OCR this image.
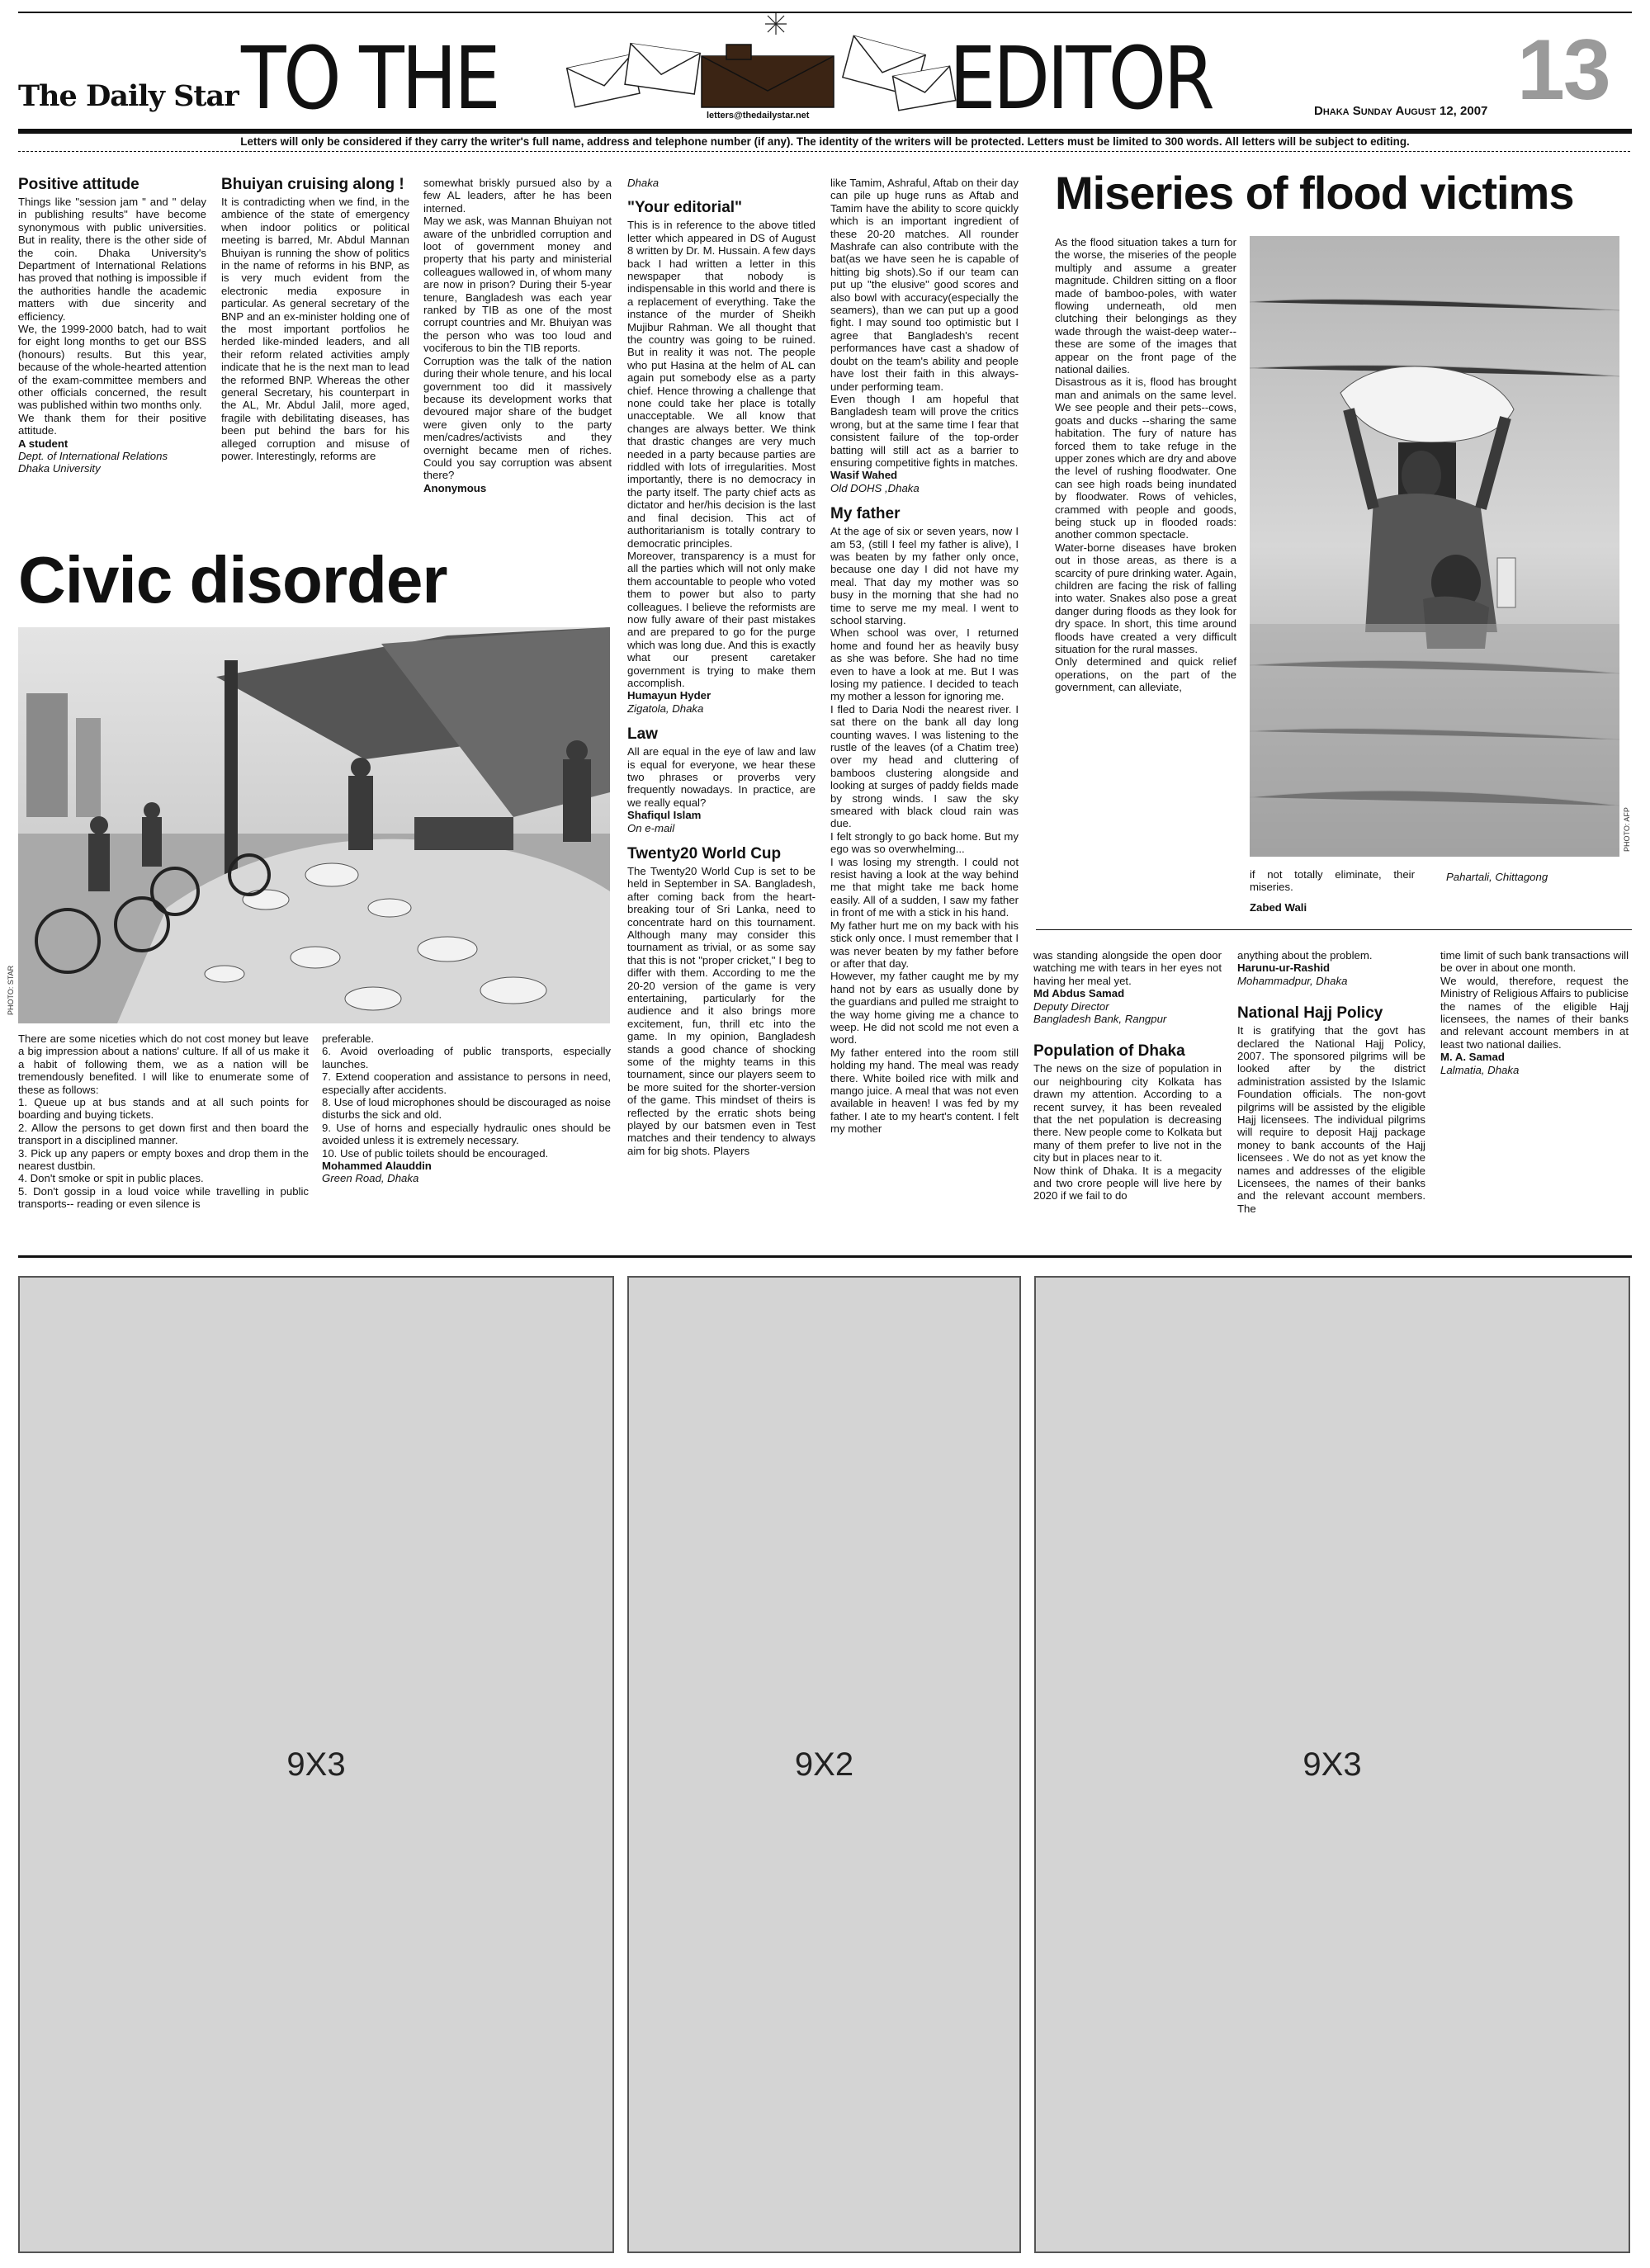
The Daily Star TO THE	letters@thedailystar.net EDITOR	Dhaka Sunday August 12, 2007 13
Letters will only be considered if they carry the writer's full name, address and telephone number (if any). The identity of the writers will be protected. Letters must be limited to 300 words. All letters will be subject to editing.
Positive attitude

Things like "session jam " and " delay in publishing results" have become synonymous with public universities. But in reality, there is the other side of the coin. Dhaka University's Department of International Relations has proved that nothing is impossible if the authorities handle the academic matters with due sincerity and efficiency.
We, the 1999-2000 batch, had to wait for eight long months to get our BSS (honours) results. But this year, because of the whole-hearted attention of the exam-committee members and other officials concerned, the result was published within two months only.
We thank them for their positive attitude.

A student
Dept. of International Relations
Dhaka University
Bhuiyan cruising along !

It is contradicting when we find, in the ambience of the state of emergency when indoor politics or political meeting is barred, Mr. Abdul Mannan Bhuiyan is running the show of politics in the name of reforms in his BNP, as is very much evident from the electronic media exposure in particular. As general secretary of the BNP and an ex-minister holding one of the most important portfolios he herded like-minded leaders, and all their reform related activities amply indicate that he is the next man to lead the reformed BNP. Whereas the other general Secretary, his counterpart in the AL, Mr. Abdul Jalil, more aged, fragile with debilitating diseases, has been put behind the bars for his alleged corruption and misuse of power. Interestingly, reforms are

somewhat briskly pursued also by a few AL leaders, after he has been interned.
May we ask, was Mannan Bhuiyan not aware of the unbridled corruption and loot of government money and property that his party and ministerial colleagues wallowed in, of whom many are now in prison? During their 5-year tenure, Bangladesh was each year ranked by TIB as one of the most corrupt countries and Mr. Bhuiyan was the person who was too loud and vociferous to bin the TIB reports.
Corruption was the talk of the nation during their whole tenure, and his local government too did it massively because its development works that devoured major share of the budget were given only to the party men/cadres/activists and they overnight became men of riches. Could you say corruption was absent there?

Anonymous
Dhaka
"Your editorial"

This is in reference to the above titled letter which appeared in DS of August 8 written by Dr. M. Hussain. A few days back I had written a letter in this newspaper that nobody is indispensable in this world and there is a replacement of everything. Take the instance of the murder of Sheikh Mujibur Rahman. We all thought that the country was going to be ruined. But in reality it was not. The people who put Hasina at the helm of AL can again put somebody else as a party chief. Hence throwing a challenge that none could take her place is totally unacceptable. We all know that changes are always better. We think that drastic changes are very much needed in a party because parties are riddled with lots of irregularities. Most importantly, there is no democracy in the party itself. The party chief acts as dictator and her/his decision is the last and final decision. This act of authoritarianism is totally contrary to democratic principles.
Moreover, transparency is a must for all the parties which will not only make them accountable to people who voted them to power but also to party colleagues. I believe the reformists are now fully aware of their past mistakes and are prepared to go for the purge which was long due. And this is exactly what our present caretaker government is trying to make them accomplish.

Humayun Hyder
Zigatola, Dhaka
Law

All are equal in the eye of law and law is equal for everyone, we hear these two phrases or proverbs very frequently nowadays. In practice, are we really equal?

Shafiqul Islam
On e-mail
Twenty20 World Cup

The Twenty20 World Cup is set to be held in September in SA. Bangladesh, after coming back from the heart-breaking tour of Sri Lanka, need to concentrate hard on this tournament. Although many may consider this tournament as trivial, or as some say that this is not "proper cricket," I beg to differ with them. According to me the 20-20 version of the game is very entertaining, particularly for the audience and it also brings more excitement, fun, thrill etc into the game. In my opinion, Bangladesh stands a good chance of shocking some of the mighty teams in this tournament, since our players seem to be more suited for the shorter-version of the game. This mindset of theirs is reflected by the erratic shots being played by our batsmen even in Test matches and their tendency to always aim for big shots. Players

like Tamim, Ashraful, Aftab on their day can pile up huge runs as Aftab and Tamim have the ability to score quickly which is an important ingredient of these 20-20 matches. All rounder Mashrafe can also contribute with the bat(as we have seen he is capable of hitting big shots).So if our team can put up "the elusive" good scores and also bowl with accuracy(especially the seamers), than we can put up a good fight. I may sound too optimistic but I agree that Bangladesh's recent performances have cast a shadow of doubt on the team's ability and people have lost their faith in this always-under performing team.
Even though I am hopeful that Bangladesh team will prove the critics wrong, but at the same time I fear that consistent failure of the top-order batting will still act as a barrier to ensuring competitive fights in matches.

Wasif Wahed
Old DOHS ,Dhaka
My father

At the age of six or seven years, now I am 53, (still I feel my father is alive), I was beaten by my father only once, because one day I did not have my meal. That day my mother was so busy in the morning that she had no time to serve me my meal. I went to school starving.
When school was over, I returned home and found her as heavily busy as she was before. She had no time even to have a look at me. But I was losing my patience. I decided to teach my mother a lesson for ignoring me.
I fled to Daria Nodi the nearest river. I sat there on the bank all day long counting waves. I was listening to the rustle of the leaves (of a Chatim tree) over my head and cluttering of bamboos clustering alongside and looking at surges of paddy fields made by strong winds. I saw the sky smeared with black cloud rain was due.
I felt strongly to go back home. But my ego was so overwhelming...
I was losing my strength. I could not resist having a look at the way behind me that might take me back home easily. All of a sudden, I saw my father in front of me with a stick in his hand.
My father hurt me on my back with his stick only once. I must remember that I was never beaten by my father before or after that day.
However, my father caught me by my hand not by ears as usually done by the guardians and pulled me straight to the way home giving me a chance to weep. He did not scold me not even a word.
My father entered into the room still holding my hand. The meal was ready there. White boiled rice with milk and mango juice. A meal that was not even available in heaven! I was fed by my father. I ate to my heart's content. I felt my mother

Civic disorder
PHOTO: STAR

There are some niceties which do not cost money but leave a big impression about a nations' culture. If all of us make it a habit of following them, we as a nation will be tremendously benefited. I will like to enumerate some of these as follows:
1. Queue up at bus stands and at all such points for boarding and buying tickets.
2. Allow the persons to get down first and then board the transport in a disciplined manner.
3. Pick up any papers or empty boxes and drop them in the nearest dustbin.
4. Don't smoke or spit in public places.
5. Don't gossip in a loud voice while travelling in public transports-- reading or even silence is

preferable.
6. Avoid overloading of public transports, especially launches.
7. Extend cooperation and assistance to persons in need, especially after accidents.
8. Use of loud microphones should be discouraged as noise disturbs the sick and old.
9. Use of horns and especially hydraulic ones should be avoided unless it is extremely necessary.
10. Use of public toilets should be encouraged.

Mohammed Alauddin
Green Road, Dhaka
Miseries of flood victims

As the flood situation takes a turn for the worse, the miseries of the people multiply and assume a greater magnitude. Children sitting on a floor made of bamboo-poles, with water flowing underneath, old men clutching their belongings as they wade through the waist-deep water--these are some of the images that appear on the front page of the national dailies.
Disastrous as it is, flood has brought man and animals on the same level. We see people and their pets--cows, goats and ducks --sharing the same habitation. The fury of nature has forced them to take refuge in the upper zones which are dry and above the level of rushing floodwater. One can see high roads being inundated by floodwater. Rows of vehicles, crammed with people and goods, being stuck up in flooded roads: another common spectacle.
Water-borne diseases have broken out in those areas, as there is a scarcity of pure drinking water. Again, children are facing the risk of falling into water. Snakes also pose a great danger during floods as they look for dry space. In short, this time around floods have created a very difficult situation for the rural masses.
Only determined and quick relief operations, on the part of the government, can alleviate,

PHOTO: AFP

if not totally eliminate, their miseries.

Zabed Wali
Pahartali, Chittagong

was standing alongside the open door watching me with tears in her eyes not having her meal yet.

Md Abdus Samad
Deputy Director
Bangladesh Bank, Rangpur
Population of Dhaka

The news on the size of population in our neighbouring city Kolkata has drawn my attention. According to a recent survey, it has been revealed that the net population is decreasing there. New people come to Kolkata but many of them prefer to live not in the city but in places near to it.
Now think of Dhaka. It is a megacity and two crore people will live here by 2020 if we fail to do

anything about the problem.

Harunu-ur-Rashid
Mohammadpur, Dhaka
National Hajj Policy

It is gratifying that the govt has declared the National Hajj Policy, 2007. The sponsored pilgrims will be looked after by the district administration assisted by the Islamic Foundation officials. The non-govt pilgrims will be assisted by the eligible Hajj licensees. The individual pilgrims will require to deposit Hajj package money to bank accounts of the Hajj licensees . We do not as yet know the names and addresses of the eligible Licensees, the names of their banks and the relevant account members. The

time limit of such bank transactions will be over in about one month.
We would, therefore, request the Ministry of Religious Affairs to publicise the names of the eligible Hajj licensees, the names of their banks and relevant account members in at least two national dailies.

M. A. Samad
Lalmatia, Dhaka
9X3	9X2	9X3
